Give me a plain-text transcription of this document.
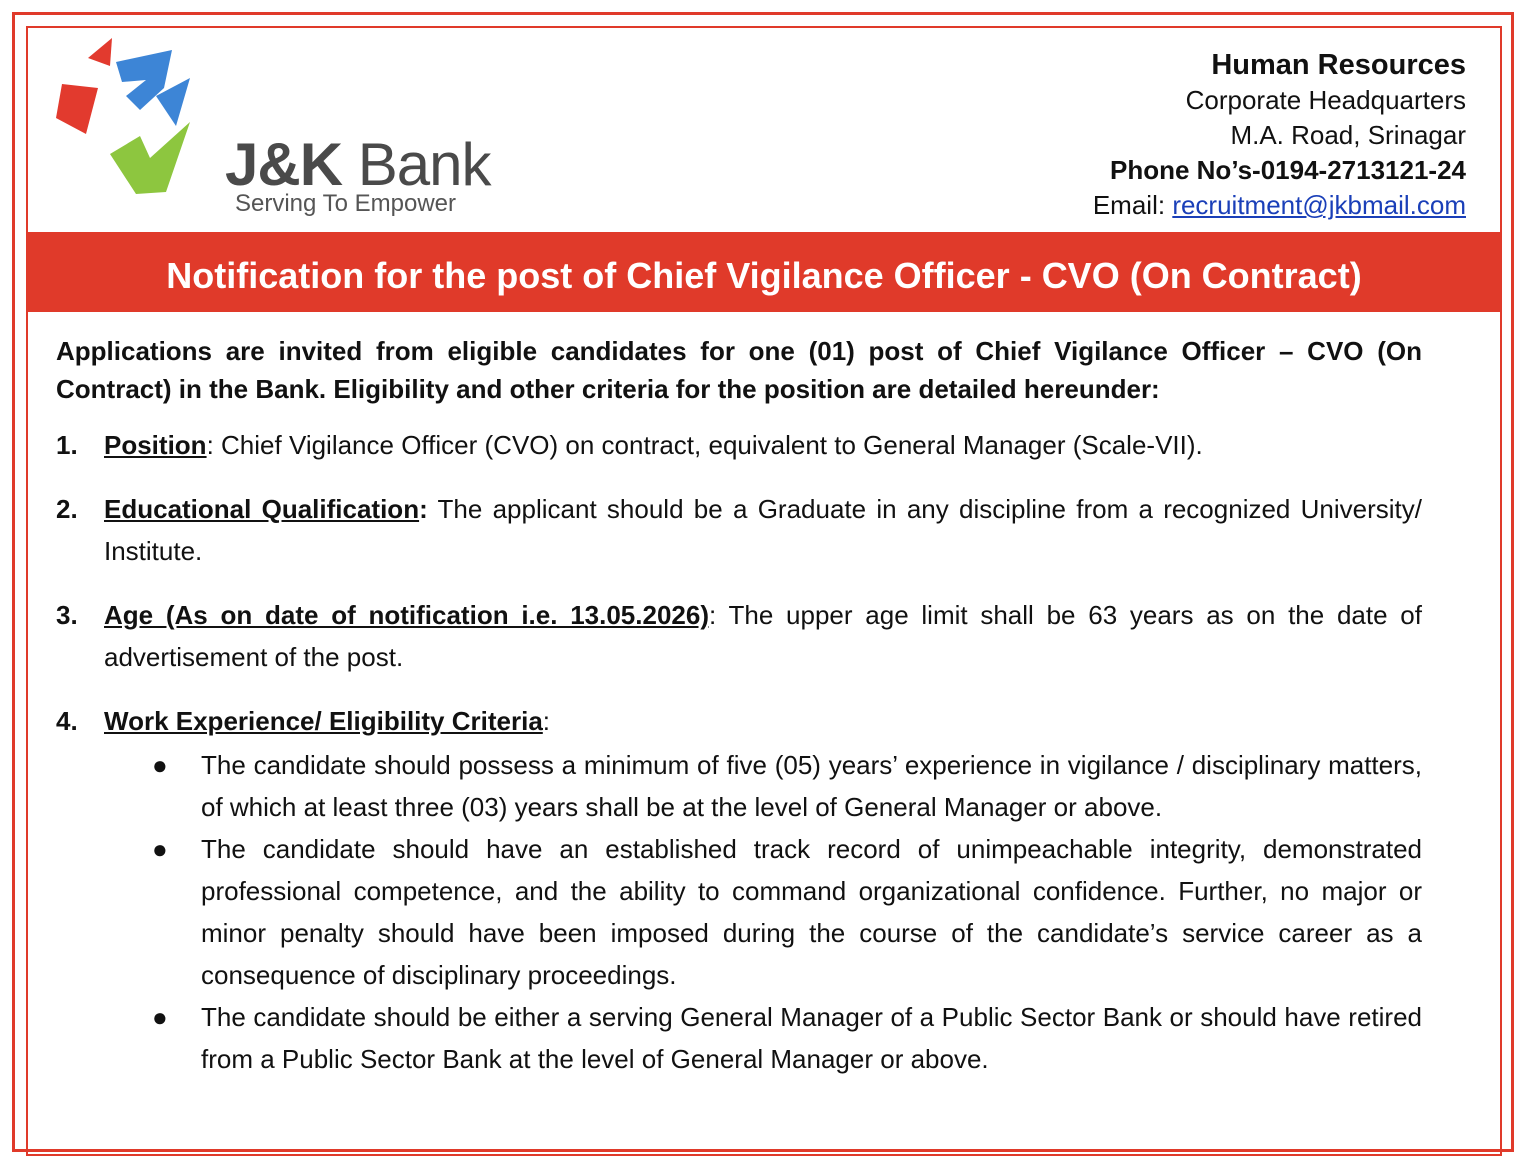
J&K Bank
Serving To Empower
Human Resources
Corporate Headquarters
M.A. Road, Srinagar
Phone No’s-0194-2713121-24
Email: recruitment@jkbmail.com
Notification for the post of Chief Vigilance Officer - CVO (On Contract)
Applications are invited from eligible candidates for one (01) post of Chief Vigilance Officer – CVO (On Contract) in the Bank. Eligibility and other criteria for the position are detailed hereunder:
1. Position: Chief Vigilance Officer (CVO) on contract, equivalent to General Manager (Scale-VII).
2. Educational Qualification: The applicant should be a Graduate in any discipline from a recognized University/ Institute.
3. Age (As on date of notification i.e. 13.05.2026): The upper age limit shall be 63 years as on the date of advertisement of the post.
4. Work Experience/ Eligibility Criteria:
● The candidate should possess a minimum of five (05) years’ experience in vigilance / disciplinary matters, of which at least three (03) years shall be at the level of General Manager or above.
● The candidate should have an established track record of unimpeachable integrity, demonstrated professional competence, and the ability to command organizational confidence. Further, no major or minor penalty should have been imposed during the course of the candidate’s service career as a consequence of disciplinary proceedings.
● The candidate should be either a serving General Manager of a Public Sector Bank or should have retired from a Public Sector Bank at the level of General Manager or above.
